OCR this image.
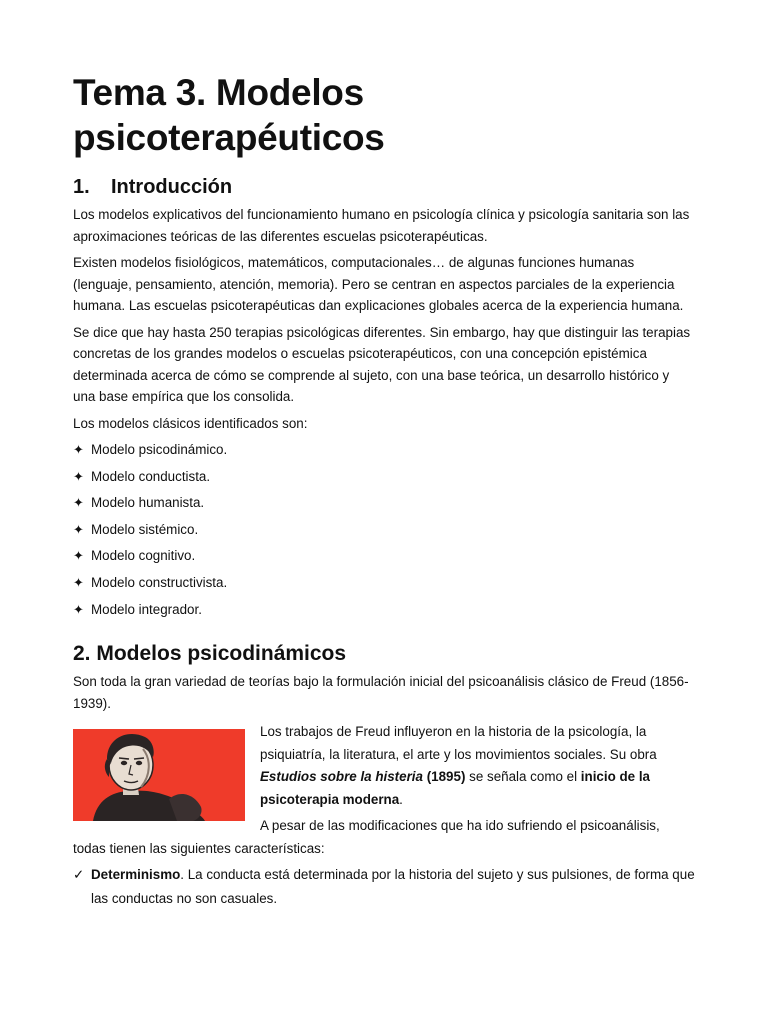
Tema 3. Modelos
psicoterapéuticos
1.	Introducción

Los modelos explicativos del funcionamiento humano en psicología clínica y psicología sanitaria son las aproximaciones teóricas de las diferentes escuelas psicoterapéuticas.

Existen modelos fisiológicos, matemáticos, computacionales… de algunas funciones humanas (lenguaje, pensamiento, atención, memoria). Pero se centran en aspectos parciales de la experiencia humana. Las escuelas psicoterapéuticas dan explicaciones globales acerca de la experiencia humana.

Se dice que hay hasta 250 terapias psicológicas diferentes. Sin embargo, hay que distinguir las terapias concretas de los grandes modelos o escuelas psicoterapéuticos, con una concepción epistémica determinada acerca de cómo se comprende al sujeto, con una base teórica, un desarrollo histórico y una base empírica que los consolida.

Los modelos clásicos identificados son:

✦ Modelo psicodinámico.
✦ Modelo conductista.
✦ Modelo humanista.
✦ Modelo sistémico.
✦ Modelo cognitivo.
✦ Modelo constructivista.
✦ Modelo integrador.
2. Modelos psicodinámicos

Son toda la gran variedad de teorías bajo la formulación inicial del psicoanálisis clásico de Freud (1856-1939).

Los trabajos de Freud influyeron en la historia de la psicología, la psiquiatría, la literatura, el arte y los movimientos sociales. Su obra Estudios sobre la histeria (1895) se señala como el inicio de la psicoterapia moderna.

A pesar de las modificaciones que ha ido sufriendo el psicoanálisis,

todas tienen las siguientes características:

✓ Determinismo. La conducta está determinada por la historia del sujeto y sus pulsiones, de forma que las conductas no son casuales.
